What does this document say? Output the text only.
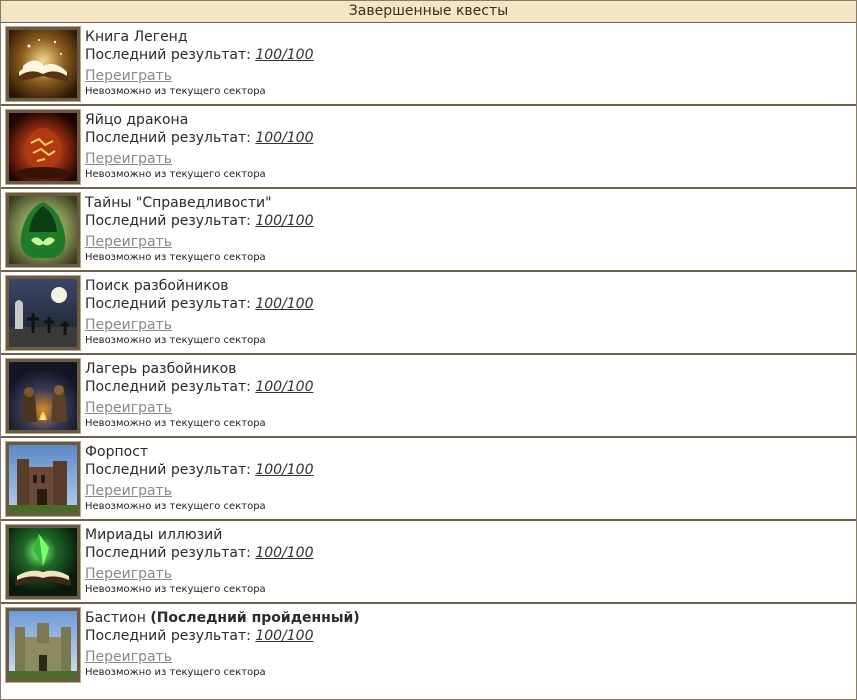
Завершенные квесты
Книга Легенд
Последний результат: 100/100
Переиграть
Невозможно из текущего сектора
Яйцо дракона
Последний результат: 100/100
Переиграть
Невозможно из текущего сектора
Тайны "Справедливости"
Последний результат: 100/100
Переиграть
Невозможно из текущего сектора
Поиск разбойников
Последний результат: 100/100
Переиграть
Невозможно из текущего сектора
Лагерь разбойников
Последний результат: 100/100
Переиграть
Невозможно из текущего сектора
Форпост
Последний результат: 100/100
Переиграть
Невозможно из текущего сектора
Мириады иллюзий
Последний результат: 100/100
Переиграть
Невозможно из текущего сектора
Бастион (Последний пройденный)
Последний результат: 100/100
Переиграть
Невозможно из текущего сектора
